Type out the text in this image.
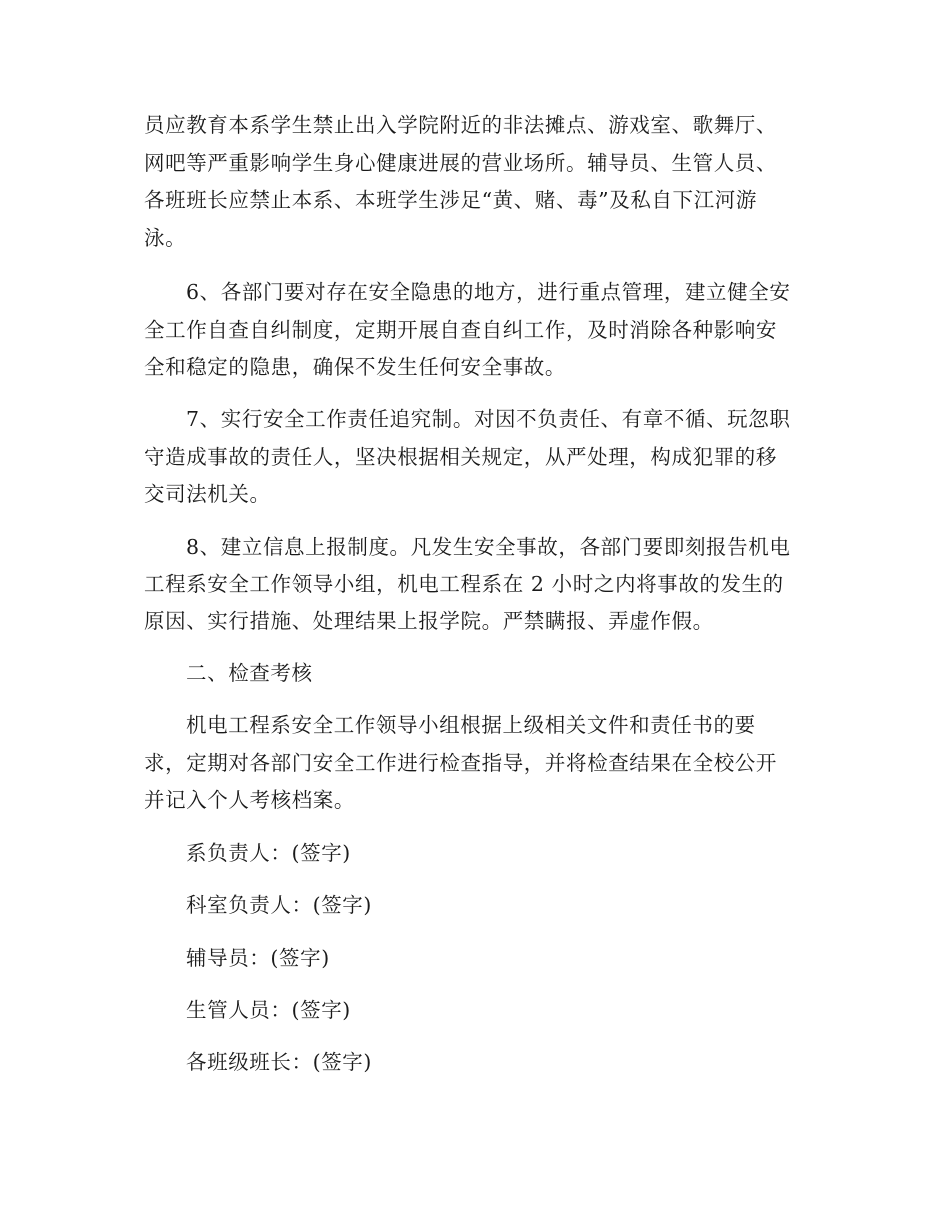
员应教育本系学生禁止出入学院附近的非法摊点、游戏室、歌舞厅、
网吧等严重影响学生身心健康进展的营业场所。辅导员、生管人员、
各班班长应禁止本系、本班学生涉足“黄、赌、毒”及私自下江河游
泳。
6、各部门要对存在安全隐患的地方，进行重点管理，建立健全安
全工作自查自纠制度，定期开展自查自纠工作，及时消除各种影响安
全和稳定的隐患，确保不发生任何安全事故。
7、实行安全工作责任追究制。对因不负责任、有章不循、玩忽职
守造成事故的责任人，坚决根据相关规定，从严处理，构成犯罪的移
交司法机关。
8、建立信息上报制度。凡发生安全事故，各部门要即刻报告机电
工程系安全工作领导小组，机电工程系在 2 小时之内将事故的发生的
原因、实行措施、处理结果上报学院。严禁瞒报、弄虚作假。
二、检查考核
机电工程系安全工作领导小组根据上级相关文件和责任书的要
求，定期对各部门安全工作进行检查指导，并将检查结果在全校公开
并记入个人考核档案。
系负责人：(签字)
科室负责人：(签字)
辅导员：(签字)
生管人员：(签字)
各班级班长：(签字)
